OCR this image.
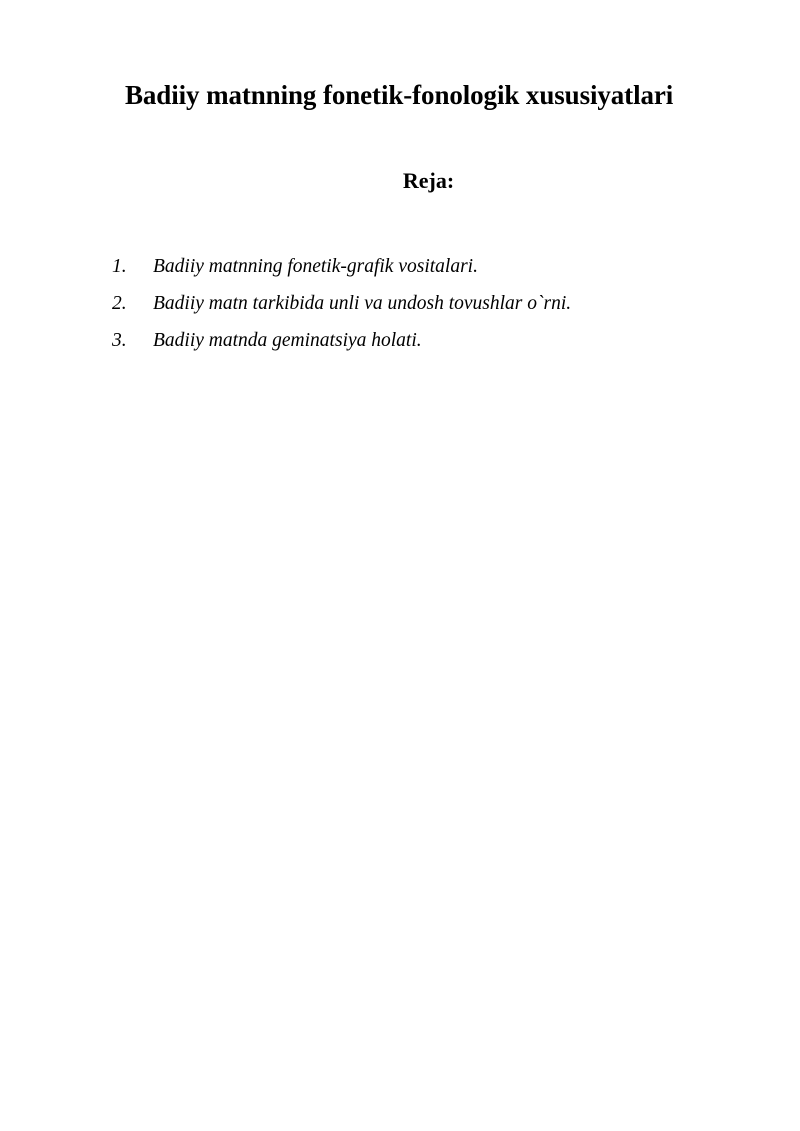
Badiiy matnning fonetik-fonologik xususiyatlari
Reja:
1.	Badiiy matnning fonetik-grafik vositalari.
2.	Badiiy matn tarkibida unli va undosh tovushlar o`rni.
3.	Badiiy matnda geminatsiya holati.
